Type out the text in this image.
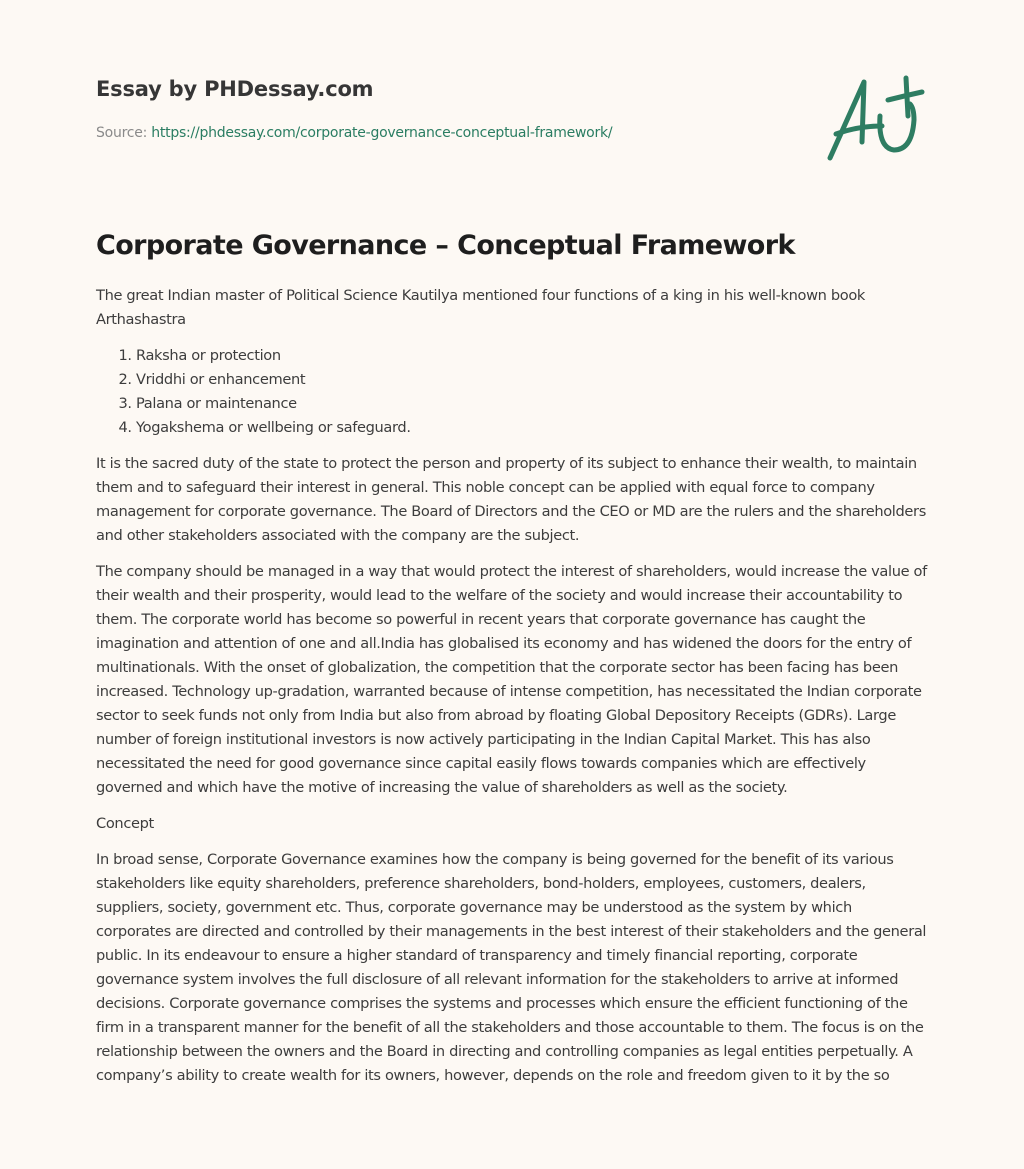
Essay by PHDessay.com
Source: https://phdessay.com/corporate-governance-conceptual-framework/
Corporate Governance – Conceptual Framework

The great Indian master of Political Science Kautilya mentioned four functions of a king in his well-known book Arthashastra

1. Raksha or protection
2. Vriddhi or enhancement
3. Palana or maintenance
4. Yogakshema or wellbeing or safeguard.

It is the sacred duty of the state to protect the person and property of its subject to enhance their wealth, to maintain them and to safeguard their interest in general. This noble concept can be applied with equal force to company management for corporate governance. The Board of Directors and the CEO or MD are the rulers and the shareholders and other stakeholders associated with the company are the subject.

The company should be managed in a way that would protect the interest of shareholders, would increase the value of their wealth and their prosperity, would lead to the welfare of the society and would increase their accountability to them. The corporate world has become so powerful in recent years that corporate governance has caught the imagination and attention of one and all.India has globalised its economy and has widened the doors for the entry of multinationals. With the onset of globalization, the competition that the corporate sector has been facing has been increased. Technology up-gradation, warranted because of intense competition, has necessitated the Indian corporate sector to seek funds not only from India but also from abroad by floating Global Depository Receipts (GDRs). Large number of foreign institutional investors is now actively participating in the Indian Capital Market. This has also necessitated the need for good governance since capital easily flows towards companies which are effectively governed and which have the motive of increasing the value of shareholders as well as the society.

Concept

In broad sense, Corporate Governance examines how the company is being governed for the benefit of its various stakeholders like equity shareholders, preference shareholders, bond-holders, employees, customers, dealers, suppliers, society, government etc. Thus, corporate governance may be understood as the system by which corporates are directed and controlled by their managements in the best interest of their stakeholders and the general public. In its endeavour to ensure a higher standard of transparency and timely financial reporting, corporate governance system involves the full disclosure of all relevant information for the stakeholders to arrive at informed decisions. Corporate governance comprises the systems and processes which ensure the efficient functioning of the firm in a transparent manner for the benefit of all the stakeholders and those accountable to them. The focus is on the relationship between the owners and the Board in directing and controlling companies as legal entities perpetually. A company’s ability to create wealth for its owners, however, depends on the role and freedom given to it by the so
